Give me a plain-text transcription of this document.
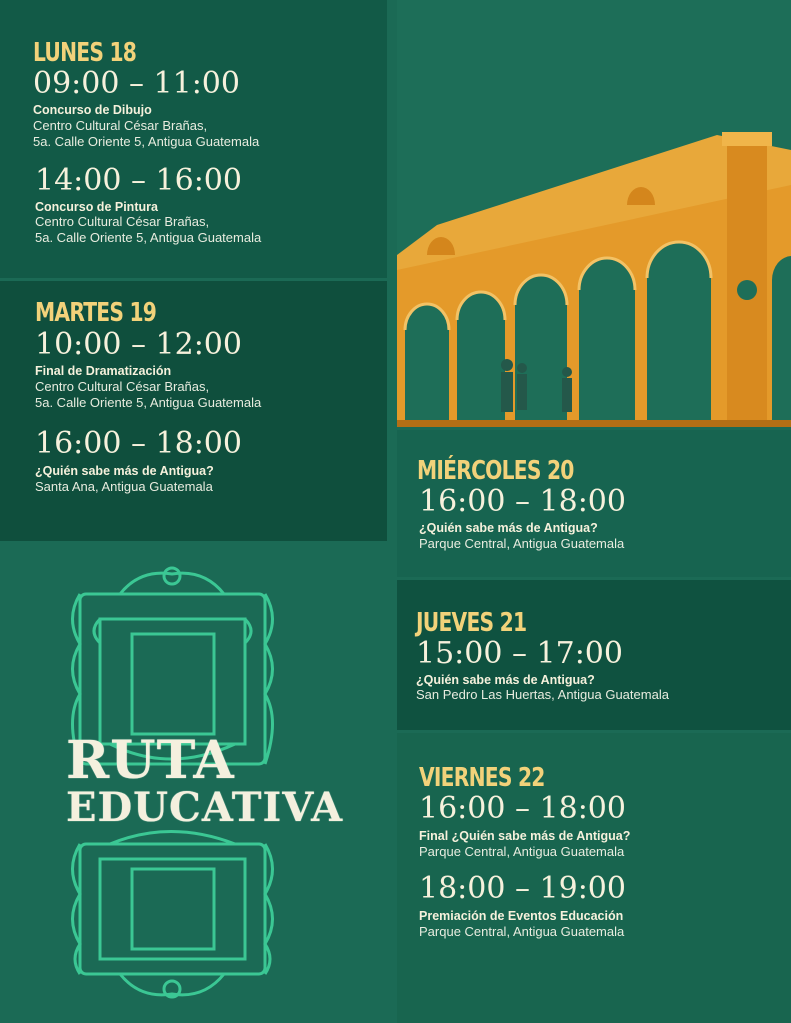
LUNES 18
09:00 – 11:00
Concurso de Dibujo
Centro Cultural César Brañas,
5a. Calle Oriente 5, Antigua Guatemala
14:00 – 16:00
Concurso de Pintura
Centro Cultural César Brañas,
5a. Calle Oriente 5, Antigua Guatemala
MARTES 19
10:00 – 12:00
Final de Dramatización
Centro Cultural César Brañas,
5a. Calle Oriente 5, Antigua Guatemala
16:00 – 18:00
¿Quién sabe más de Antigua?
Santa Ana, Antigua Guatemala
RUTA
EDUCATIVA
MIÉRCOLES 20
16:00 – 18:00
¿Quién sabe más de Antigua?
Parque Central, Antigua Guatemala
JUEVES 21
15:00 – 17:00
¿Quién sabe más de Antigua?
San Pedro Las Huertas, Antigua Guatemala
VIERNES 22
16:00 – 18:00
Final ¿Quién sabe más de Antigua?
Parque Central, Antigua Guatemala
18:00 – 19:00
Premiación de Eventos Educación
Parque Central, Antigua Guatemala
